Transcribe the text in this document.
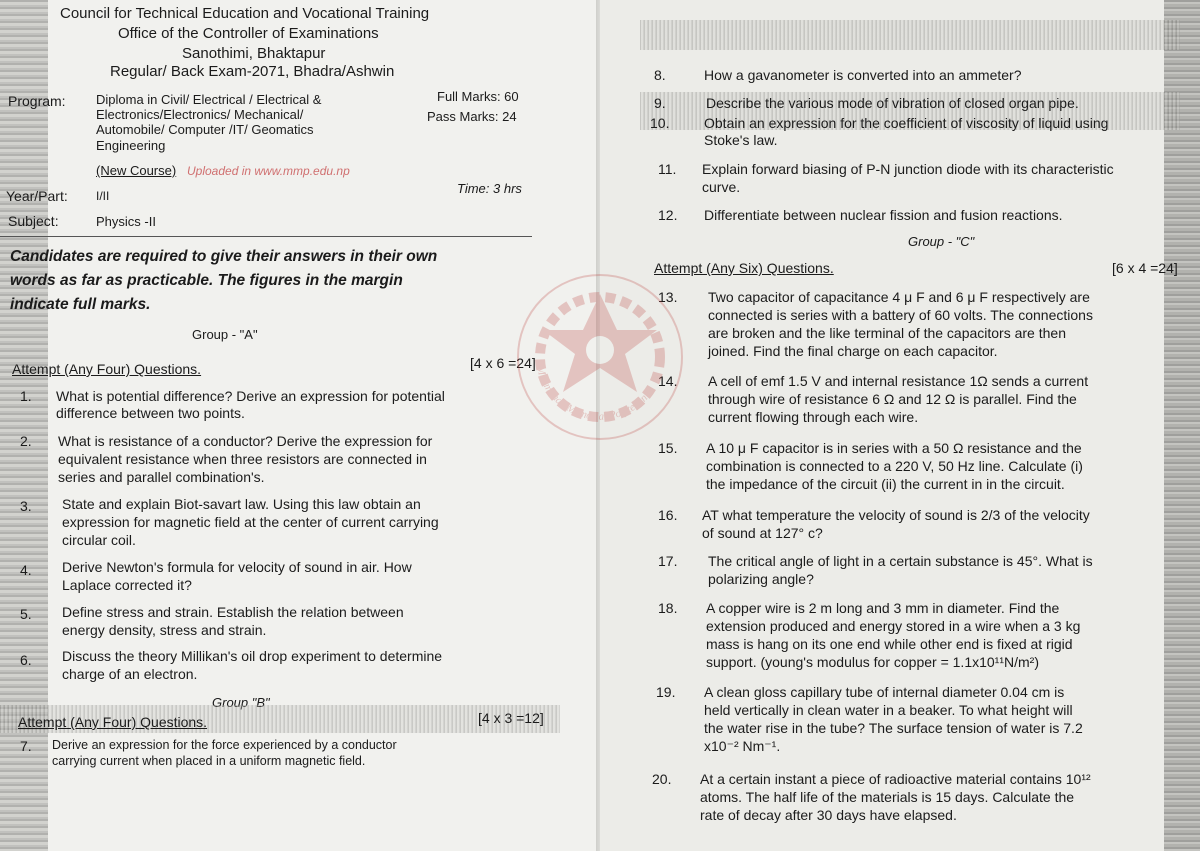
Council for Technical Education and Vocational Training
Office of the Controller of Examinations
Sanothimi, Bhaktapur
Regular/ Back Exam-2071, Bhadra/Ashwin
Program: Diploma in Civil/ Electrical / Electrical &
Electronics/Electronics/ Mechanical/
Automobile/ Computer /IT/ Geomatics
Engineering
(New Course) Uploaded in www.mmp.edu.np
Full Marks: 60
Pass Marks: 24
Time: 3 hrs
Year/Part: I/II
Subject:	Physics -II
Candidates are required to give their answers in their own
words as far as practicable. The figures in the margin
indicate full marks.
Group - "A"
Attempt (Any Four) Questions.	[4 x 6 =24]
1. What is potential difference? Derive an expression for potential
difference between two points.
2. What is resistance of a conductor? Derive the expression for
equivalent resistance when three resistors are connected in
series and parallel combination's.
3. State and explain Biot-savart law. Using this law obtain an
expression for magnetic field at the center of current carrying
circular coil.
4. Derive Newton's formula for velocity of sound in air. How
Laplace corrected it?
5. Define stress and strain. Establish the relation between
energy density, stress and strain.
6. Discuss the theory Millikan's oil drop experiment to determine
charge of an electron.
Group "B"
Attempt (Any Four) Questions.	[4 x 3 =12]
7. Derive an expression for the force experienced by a conductor
carrying current when placed in a uniform magnetic field.
8.	How a gavanometer is converted into an ammeter?
9.	Describe the various mode of vibration of closed organ pipe.
10. Obtain an expression for the coefficient of viscosity of liquid using
Stoke's law.
11. Explain forward biasing of P-N junction diode with its characteristic
curve.
12. Differentiate between nuclear fission and fusion reactions.
Group - "C"
Attempt (Any Six) Questions.	[6 x 4 =24]
13. Two capacitor of capacitance 4 μ F and 6 μ F respectively are
connected is series with a battery of 60 volts. The connections
are broken and the like terminal of the capacitors are then
joined. Find the final charge on each capacitor.
14. A cell of emf 1.5 V and internal resistance 1Ω sends a current
through wire of resistance 6 Ω and 12 Ω is parallel. Find the
current flowing through each wire.
15. A 10 μ F capacitor is in series with a 50 Ω resistance and the
combination is connected to a 220 V, 50 Hz line. Calculate (i)
the impedance of the circuit (ii) the current in in the circuit.
16. AT what temperature the velocity of sound is 2/3 of the velocity
of sound at 127° c?
17. The critical angle of light in a certain substance is 45°. What is
polarizing angle?
18. A copper wire is 2 m long and 3 mm in diameter. Find the
extension produced and energy stored in a wire when a 3 kg
mass is hang on its one end while other end is fixed at rigid
support. (young's modulus for copper = 1.1x10¹¹N/m²)
19. A clean gloss capillary tube of internal diameter 0.04 cm is
held vertically in clean water in a beaker. To what height will
the water rise in the tube? The surface tension of water is 7.2
x10⁻² Nm⁻¹.
20. At a certain instant a piece of radioactive material contains 10¹²
atoms. The half life of the materials is 15 days. Calculate the
rate of decay after 30 days have elapsed.
Manmohan Memorial Polytechnic
